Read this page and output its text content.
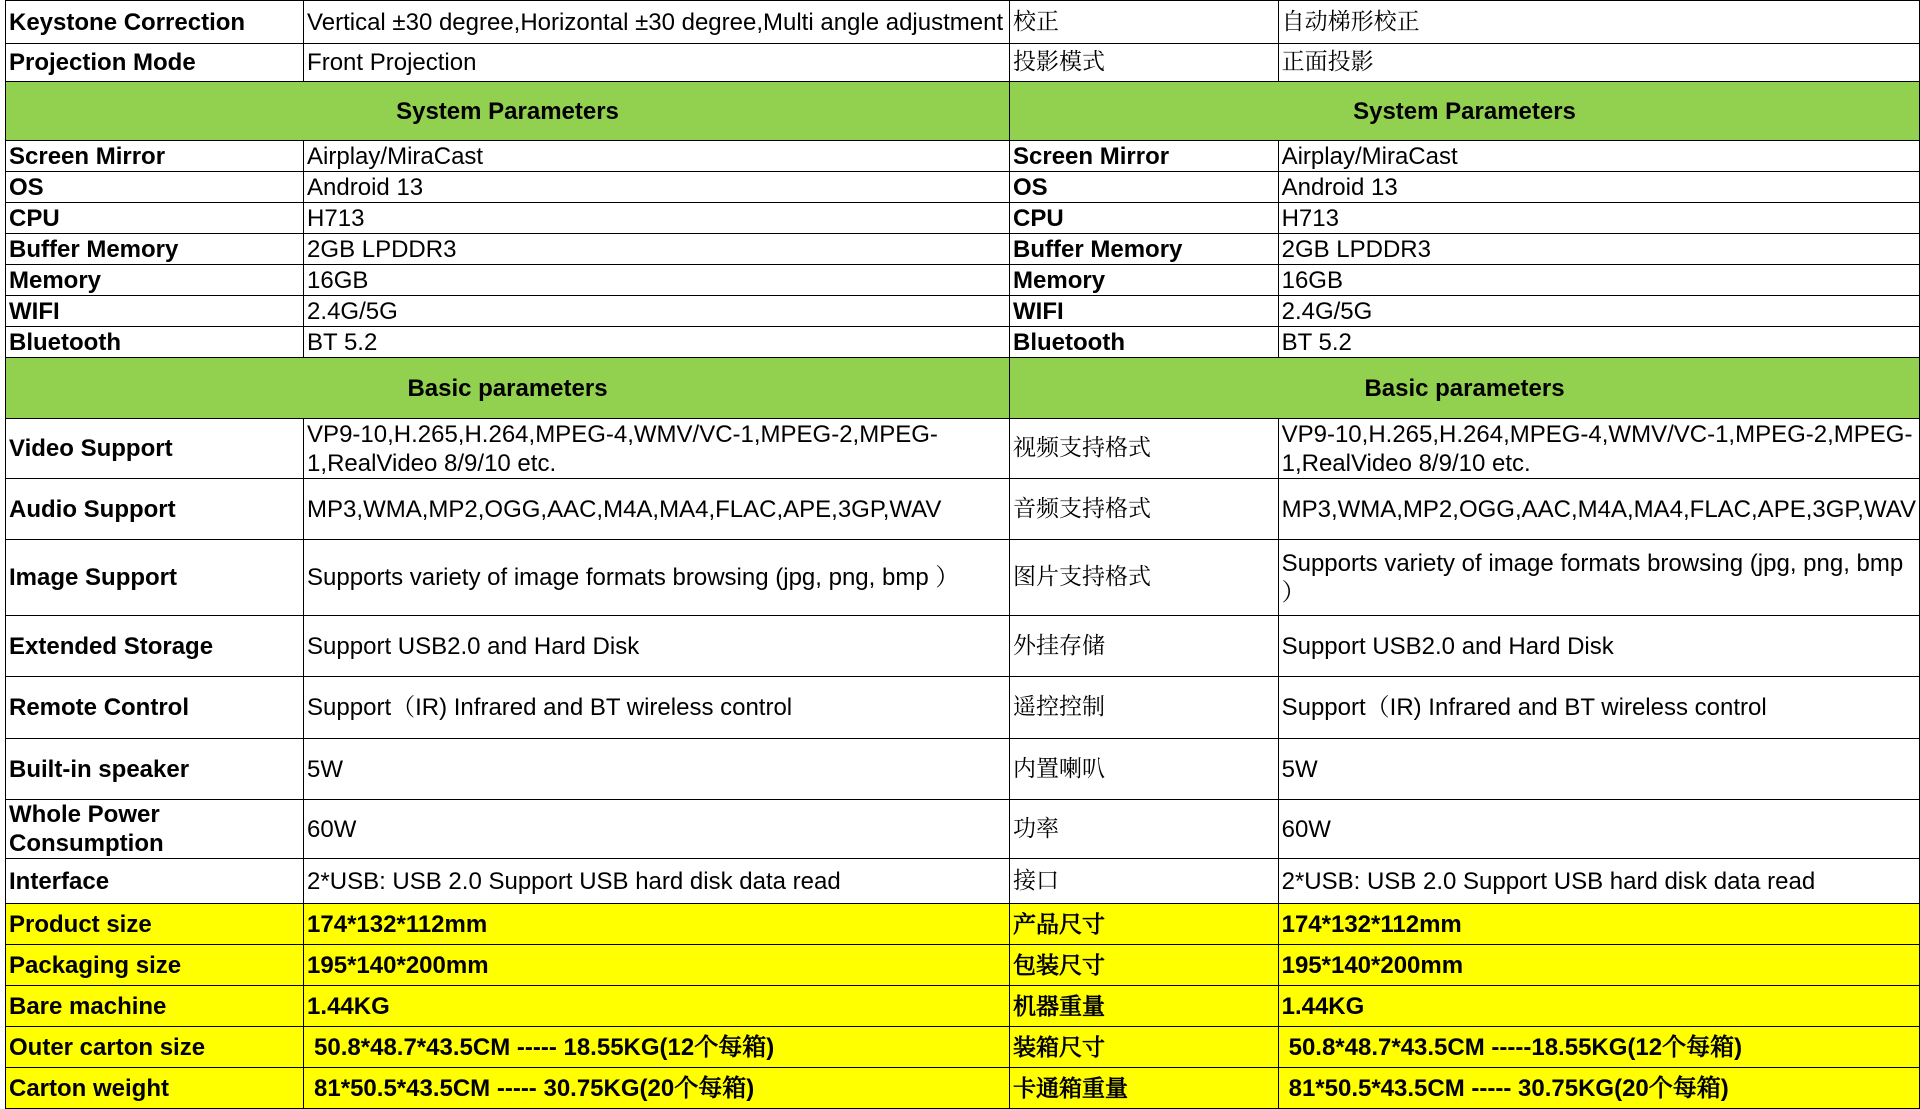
Keystone Correction	Vertical ±30 degree,Horizontal ±30 degree,Multi angle adjustment	校正	自动梯形校正
Projection Mode	Front Projection	投影模式	正面投影
System Parameters		System Parameters	
Screen Mirror	Airplay/MiraCast	Screen Mirror	Airplay/MiraCast
OS	Android 13	OS	Android 13
CPU	H713	CPU	H713
Buffer Memory	2GB LPDDR3	Buffer Memory	2GB LPDDR3
Memory	16GB	Memory	16GB
WIFI	2.4G/5G	WIFI	2.4G/5G
Bluetooth	BT 5.2	Bluetooth	BT 5.2
Basic parameters		Basic parameters	
Video Support	VP9-10,H.265,H.264,MPEG-4,WMV/VC-1,MPEG-2,MPEG-1,RealVideo 8/9/10 etc.	视频支持格式	VP9-10,H.265,H.264,MPEG-4,WMV/VC-1,MPEG-2,MPEG-1,RealVideo 8/9/10 etc.
Audio Support	MP3,WMA,MP2,OGG,AAC,M4A,MA4,FLAC,APE,3GP,WAV	音频支持格式	MP3,WMA,MP2,OGG,AAC,M4A,MA4,FLAC,APE,3GP,WAV
Image Support	Supports variety of image formats browsing (jpg, png, bmp ）	图片支持格式	Supports variety of image formats browsing (jpg, png, bmp ）
Extended Storage	Support USB2.0 and Hard Disk	外挂存储	Support USB2.0 and Hard Disk
Remote Control	Support（IR) Infrared and BT wireless control	遥控控制	Support（IR) Infrared and BT wireless control
Built-in speaker	5W	内置喇叭	5W
Whole Power Consumption	60W	功率	60W
Interface	2*USB: USB 2.0 Support USB hard disk data read	接口	2*USB: USB 2.0 Support USB hard disk data read
Product size	174*132*112mm	产品尺寸	174*132*112mm
Packaging size	195*140*200mm	包装尺寸	195*140*200mm
Bare machine	1.44KG	机器重量	1.44KG
Outer carton size	50.8*48.7*43.5CM ----- 18.55KG(12个每箱)	装箱尺寸	50.8*48.7*43.5CM -----18.55KG(12个每箱)
Carton weight	81*50.5*43.5CM ----- 30.75KG(20个每箱)	卡通箱重量	81*50.5*43.5CM ----- 30.75KG(20个每箱)
